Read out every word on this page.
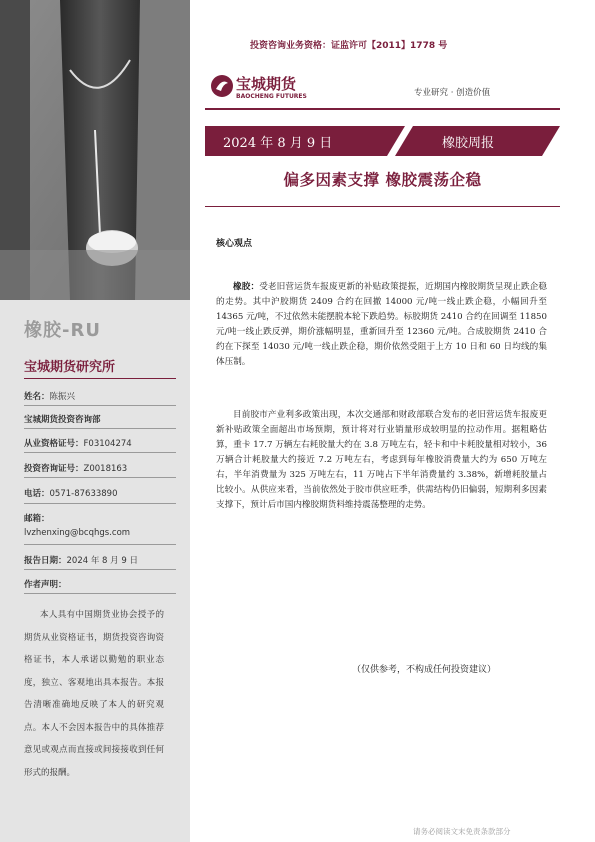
橡胶-RU
宝城期货研究所
姓名：陈振兴
宝城期货投资咨询部
从业资格证号：F03104274
投资咨询证号：Z0018163
电话：0571-87633890
邮箱：
lvzhenxing@bcqhgs.com
报告日期：2024 年 8 月 9 日
作者声明：
本人具有中国期货业协会授予的期货从业资格证书，期货投资咨询资格证书，本人承诺以勤勉的职业态度，独立、客观地出具本报告。本报告清晰准确地反映了本人的研究观点。本人不会因本报告中的具体推荐意见或观点而直接或间接接收到任何形式的报酬。
投资咨询业务资格：证监许可【2011】1778 号
宝城期货
BAOCHENG FUTURES	专业研究 · 创造价值
2024 年 8 月 9 日	橡胶周报
偏多因素支撑 橡胶震荡企稳
核心观点
橡胶：受老旧营运货车报废更新的补贴政策提振，近期国内橡胶期货呈现止跌企稳的走势。其中沪胶期货 2409 合约在回撤 14000 元/吨一线止跌企稳，小幅回升至 14365 元/吨，不过依然未能摆脱本轮下跌趋势。标胶期货 2410 合约在回调至 11850 元/吨一线止跌反弹，期价涨幅明显，重新回升至 12360 元/吨。合成胶期货 2410 合约在下探至 14030 元/吨一线止跌企稳，期价依然受阻于上方 10 日和 60 日均线的集体压制。
目前胶市产业利多政策出现，本次交通部和财政部联合发布的老旧营运货车报废更新补贴政策全面超出市场预期，预计将对行业销量形成较明显的拉动作用。据粗略估算，重卡 17.7 万辆左右耗胶量大约在 3.8 万吨左右，轻卡和中卡耗胶量相对较小，36 万辆合计耗胶量大约接近 7.2 万吨左右，考虑到每年橡胶消费量大约为 650 万吨左右，半年消费量为 325 万吨左右，11 万吨占下半年消费量约 3.38%，新增耗胶量占比较小。从供应来看，当前依然处于胶市供应旺季，供需结构仍旧偏弱，短期利多因素支撑下，预计后市国内橡胶期货料维持震荡整理的走势。
（仅供参考，不构成任何投资建议）
请务必阅读文末免责条款部分
